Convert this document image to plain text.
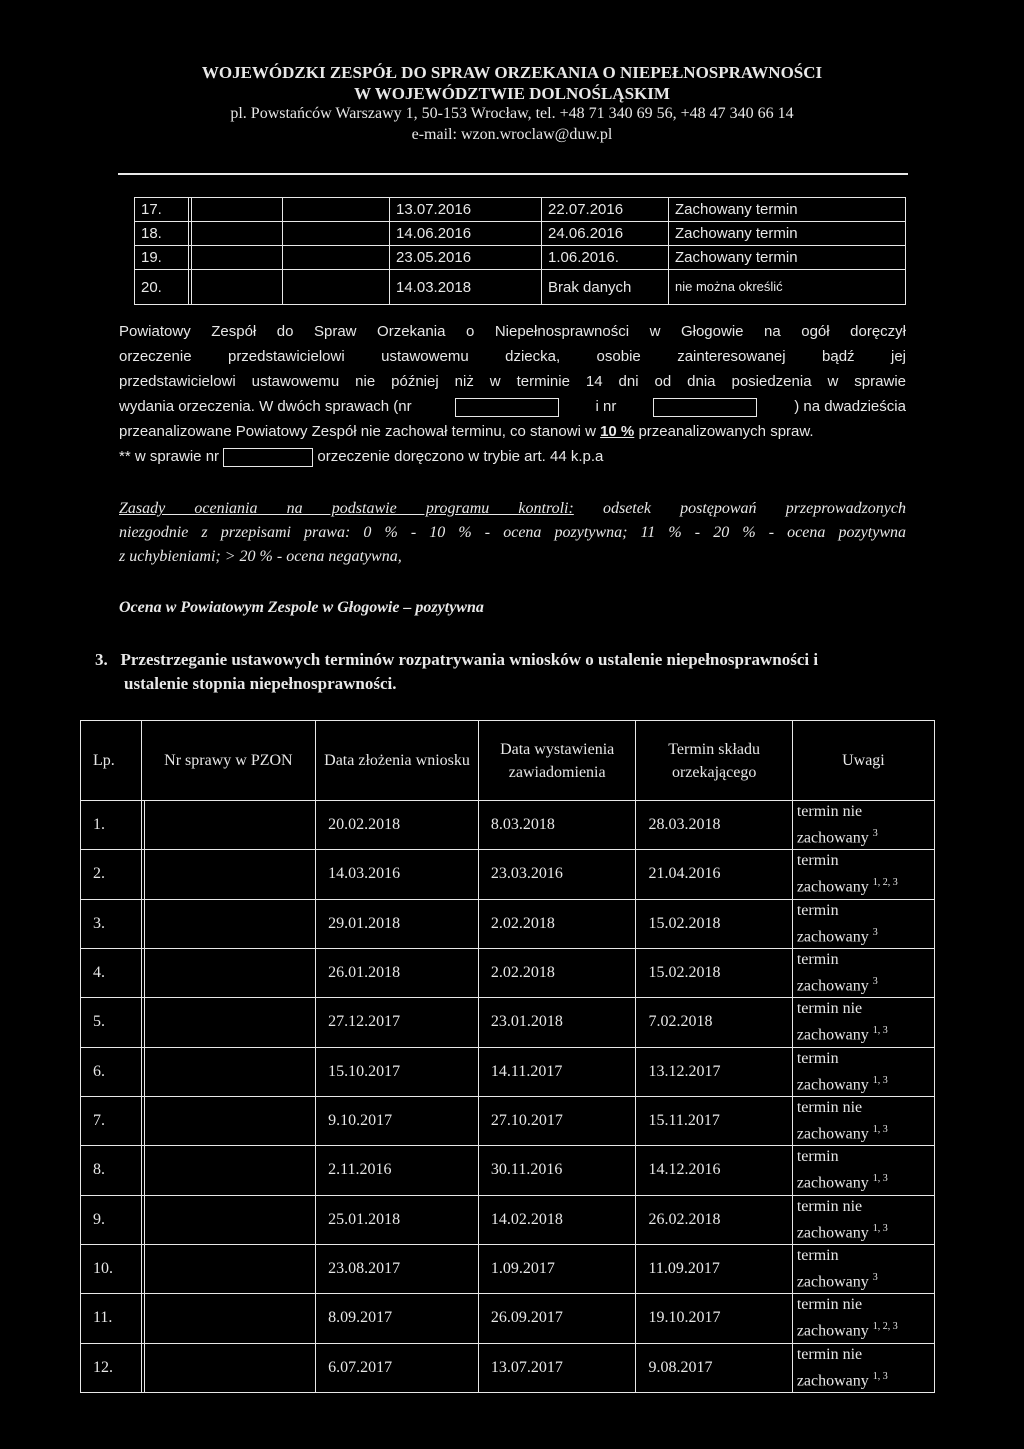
WOJEWÓDZKI ZESPÓŁ DO SPRAW ORZEKANIA O NIEPEŁNOSPRAWNOŚCI
W WOJEWÓDZTWIE DOLNOŚLĄSKIM
pl. Powstańców Warszawy 1, 50-153 Wrocław, tel. +48 71 340 69 56, +48 47 340 66 14
e-mail: wzon.wroclaw@duw.pl
17.				13.07.2016	22.07.2016	Zachowany termin
18.				14.06.2016	24.06.2016	Zachowany termin
19.				23.05.2016	1.06.2016.	Zachowany termin
20.				14.03.2018	Brak danych	nie można określić
Powiatowy Zespół do Spraw Orzekania o Niepełnosprawności w Głogowie na ogół doręczył
orzeczenie przedstawicielowi ustawowemu dziecka, osobie zainteresowanej bądź jej
przedstawicielowi ustawowemu nie później niż w terminie 14 dni od dnia posiedzenia w sprawie
wydania orzeczenia. W dwóch sprawach (nr	i nr	) na dwadzieścia
przeanalizowane Powiatowy Zespół nie zachował terminu, co stanowi w 10 % przeanalizowanych spraw.
** w sprawie nr	orzeczenie doręczono w trybie art. 44 k.p.a
Zasady oceniania na podstawie programu kontroli: odsetek postępowań przeprowadzonych
niezgodnie z przepisami prawa: 0 % - 10 % - ocena pozytywna; 11 % - 20 % - ocena pozytywna
z uchybieniami; > 20 % - ocena negatywna,
Ocena w Powiatowym Zespole w Głogowie – pozytywna
3. Przestrzeganie ustawowych terminów rozpatrywania wniosków o ustalenie niepełnosprawności i
ustalenie stopnia niepełnosprawności.
Lp.	Nr sprawy w PZON		Data złożenia wniosku	Data wystawienia zawiadomienia	Termin składu orzekającego	Uwagi
1.			20.02.2018	8.03.2018	28.03.2018	termin nie
zachowany $^3$

2.			14.03.2016	23.03.2016	21.04.2016	termin
zachowany $^{1, 2, 3}$

3.			29.01.2018	2.02.2018	15.02.2018	termin
zachowany $^3$

4.			26.01.2018	2.02.2018	15.02.2018	termin
zachowany $^3$

5.			27.12.2017	23.01.2018	7.02.2018	termin nie
zachowany $^{1, 3}$

6.			15.10.2017	14.11.2017	13.12.2017	termin
zachowany $^{1, 3}$

7.			9.10.2017	27.10.2017	15.11.2017	termin nie
zachowany $^{1, 3}$

8.			2.11.2016	30.11.2016	14.12.2016	termin
zachowany $^{1, 3}$

9.			25.01.2018	14.02.2018	26.02.2018	termin nie
zachowany $^{1, 3}$

10.			23.08.2017	1.09.2017	11.09.2017	termin
zachowany $^3$

11.			8.09.2017	26.09.2017	19.10.2017	termin nie
zachowany $^{1, 2, 3}$

12.			6.07.2017	13.07.2017	9.08.2017	termin nie
zachowany $^{1, 3}$
